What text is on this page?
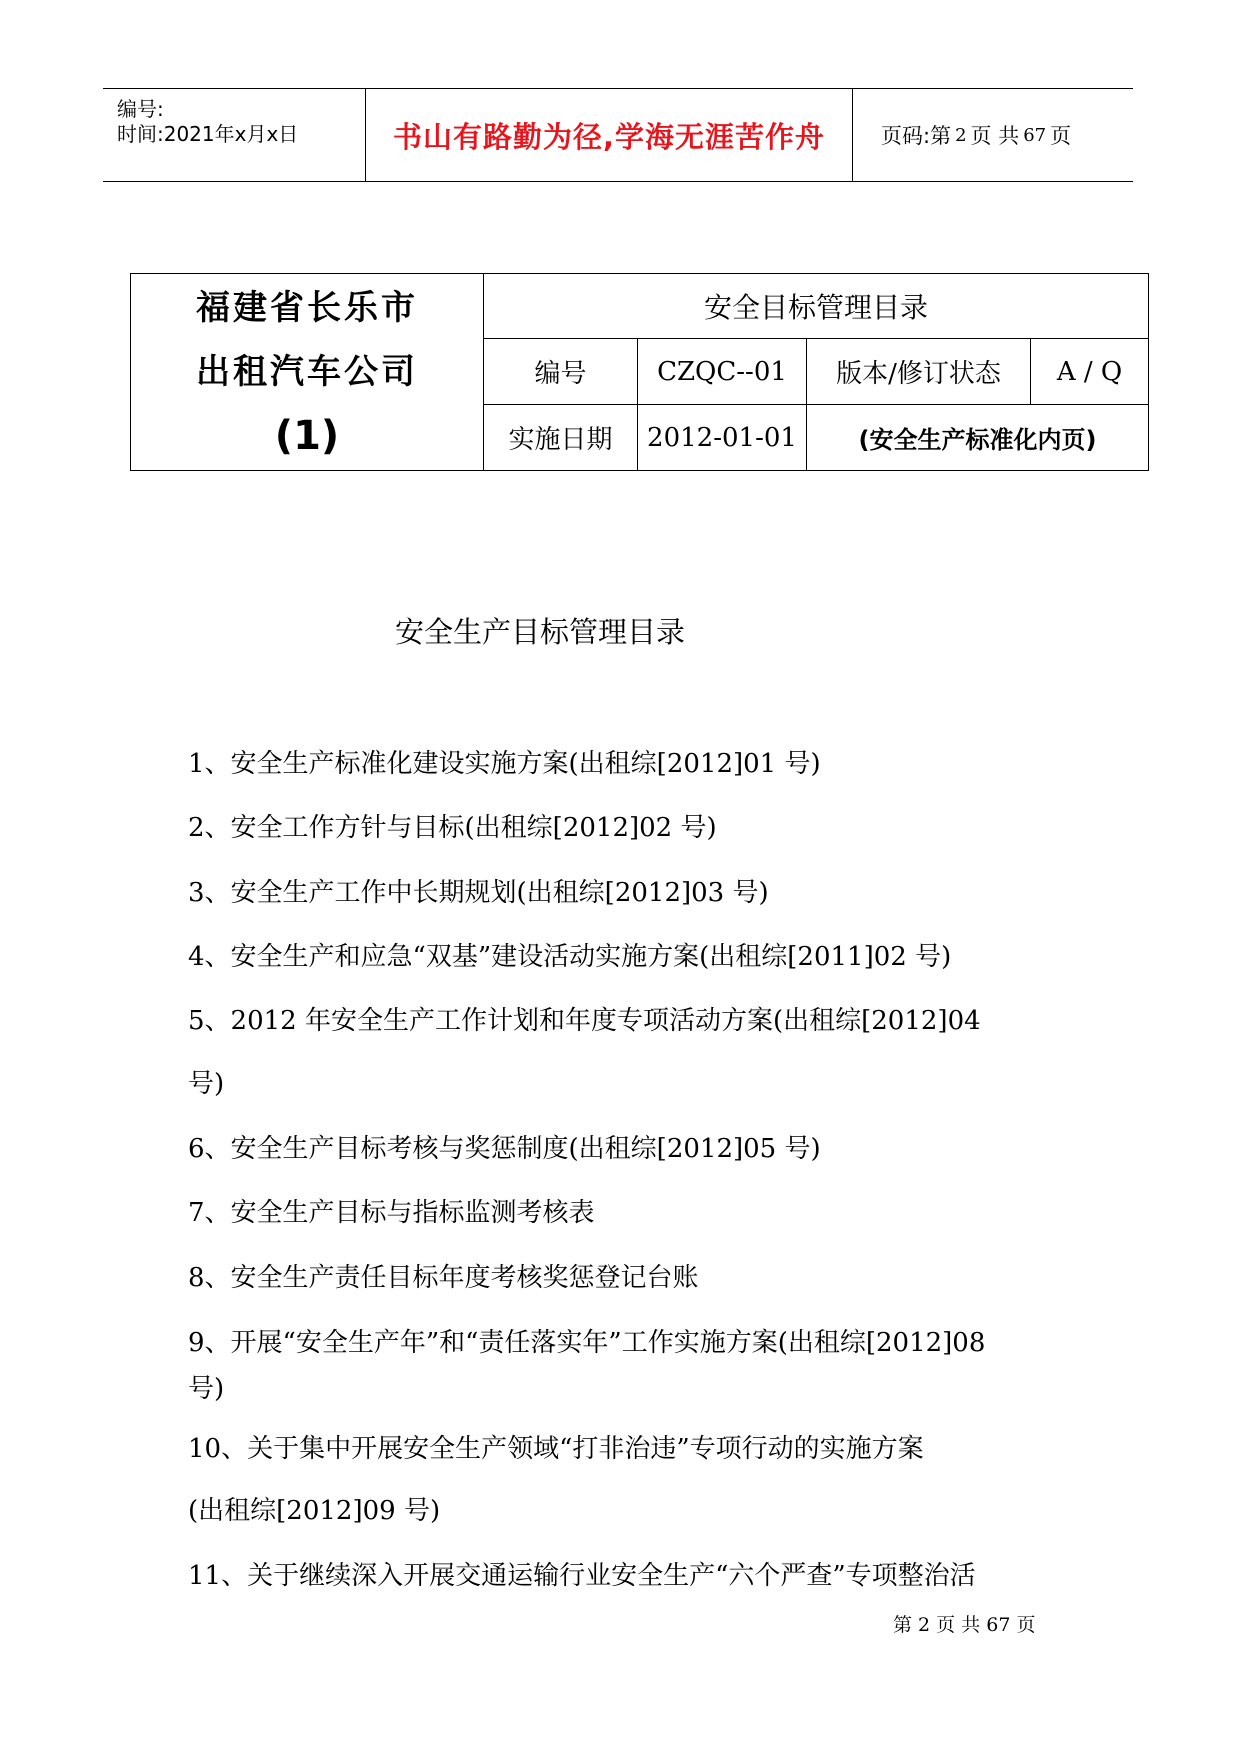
编号:
时间:2021年x月x日	书山有路勤为径,学海无涯苦作舟	页码:第 2 页 共 67 页
福建省长乐市
出租汽车公司
(1)	安全目标管理目录			
	编号	CZQC--01	版本/修订状态	A / Q
	实施日期	2012-01-01	(安全生产标准化内页)	
安全生产目标管理目录
1、安全生产标准化建设实施方案(出租综[2012]01 号)
2、安全工作方针与目标(出租综[2012]02 号)
3、安全生产工作中长期规划(出租综[2012]03 号)
4、安全生产和应急“双基”建设活动实施方案(出租综[2011]02 号)
5、2012 年安全生产工作计划和年度专项活动方案(出租综[2012]04
号)
6、安全生产目标考核与奖惩制度(出租综[2012]05 号)
7、安全生产目标与指标监测考核表
8、安全生产责任目标年度考核奖惩登记台账
9、开展“安全生产年”和“责任落实年”工作实施方案(出租综[2012]08
号)
10、关于集中开展安全生产领域“打非治违”专项行动的实施方案
(出租综[2012]09 号)
11、关于继续深入开展交通运输行业安全生产“六个严查”专项整治活
第 2 页 共 67 页
